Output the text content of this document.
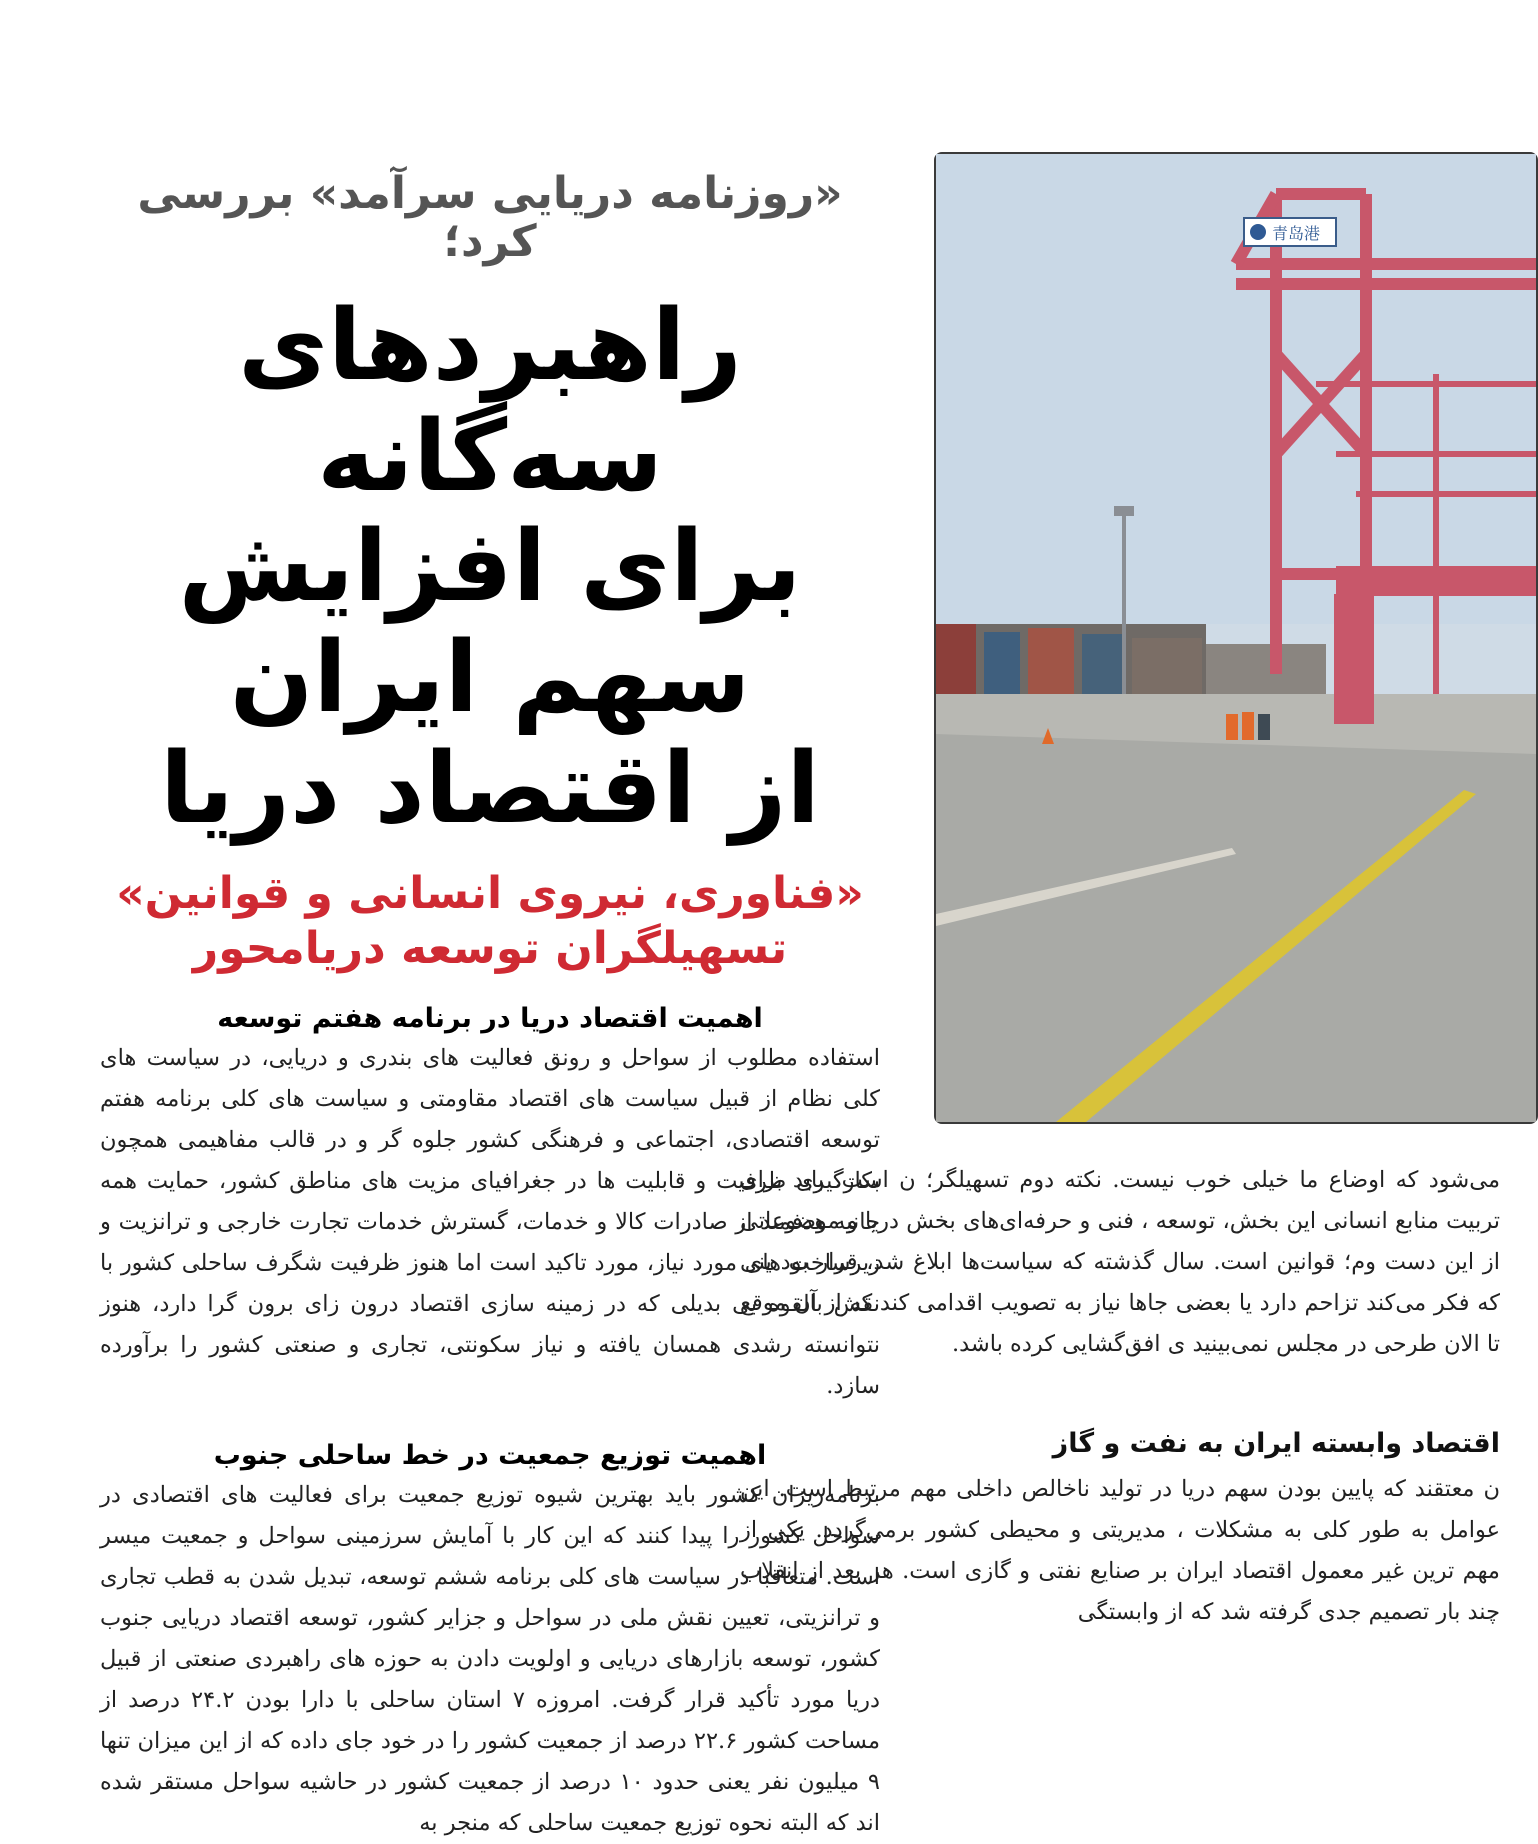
«روزنامه دریایی سرآمد» بررسی کرد؛

راهبردهای سه‌گانه
برای افزایش سهم ایران
از اقتصاد دریا

«فناوری، نیروی انسانی و قوانین»

تسهیلگران توسعه دریامحور

اهمیت اقتصاد دریا در برنامه هفتم توسعه

استفاده مطلوب از سواحل و رونق فعالیت های بندری و دریایی، در سیاست های کلی نظام از قبیل سیاست های اقتصاد مقاومتی و سیاست های کلی برنامه هفتم توسعه اقتصادی، اجتماعی و فرهنگی کشور جلوه گر و در قالب مفاهیمی همچون بکارگیری ظرفیت و قابلیت ها در جغرافیای مزیت های مناطق کشور، حمایت همه جانبه هدفمند از صادرات کالا و خدمات، گسترش خدمات تجارت خارجی و ترانزیت و زیرساخت های مورد نیاز، مورد تاکید است اما هنوز ظرفیت شگرف ساحلی کشور با نقش بالقوه بی بدیلی که در زمینه سازی اقتصاد درون زای برون گرا دارد، هنوز نتوانسته رشدی همسان یافته و نیاز سکونتی، تجاری و صنعتی کشور را برآورده سازد.

اهمیت توزیع جمعیت در خط ساحلی جنوب

برنامه‌ریزان کشور باید بهترین شیوه توزیع جمعیت برای فعالیت های اقتصادی در سواحل کشور را پیدا کنند که این کار با آمایش سرزمینی سواحل و جمعیت میسر است. متعاقبا در سیاست های کلی برنامه ششم توسعه، تبدیل شدن به قطب تجاری و ترانزیتی، تعیین نقش ملی در سواحل و جزایر کشور، توسعه اقتصاد دریایی جنوب کشور، توسعه بازارهای دریایی و اولویت دادن به حوزه های راهبردی صنعتی از قبیل دریا مورد تأکید قرار گرفت. امروزه ۷ استان ساحلی با دارا بودن ۲۴.۲ درصد از مساحت کشور ۲۲.۶ درصد از جمعیت کشور را در خود جای داده که از این میزان تنها ۹ میلیون نفر یعنی حدود ۱۰ درصد از جمعیت کشور در حاشیه سواحل مستقر شده اند که البته نحوه توزیع جمعیت ساحلی که منجر به

青岛港

می‌شود که اوضاع ما خیلی خوب نیست. نکته دوم تسهیلگر؛ ن است. باید برای تربیت منابع انسانی این بخش، توسعه ، فنی و حرفه‌ای‌های بخش دریا و موضوعاتی از این دست وم؛ قوانین است. سال گذشته که سیاست‌ها ابلاغ شد، قرار بود ینی که فکر می‌کند تزاحم دارد یا بعضی جاها نیاز به تصویب اقدامی کند که از آن موقع تا الان طرحی در مجلس نمی‌بینید ی افق‌گشایی کرده باشد.

اقتصاد وابسته ایران به نفت و گاز

ن معتقند که پایین بودن سهم دریا در تولید ناخالص داخلی مهم مرتبط است. این عوامل به طور کلی به مشکلات ، مدیریتی و محیطی کشور برمی‌گردد. یکی از مهم ترین غیر معمول اقتصاد ایران بر صنایع نفتی و گازی است. هر بعد از انقلاب چند بار تصمیم جدی گرفته شد که از وابستگی
